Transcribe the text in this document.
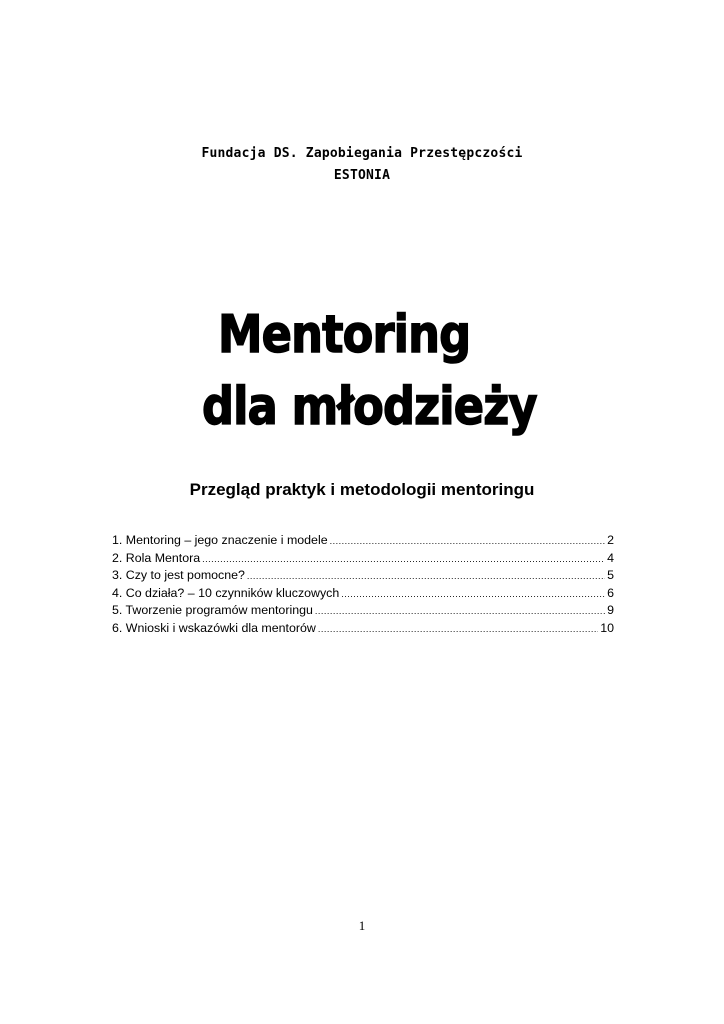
Fundacja DS. Zapobiegania Przestępczości
ESTONIA
Mentoring
dla młodzieży
Przegląd praktyk i metodologii mentoringu
1. Mentoring – jego znaczenie i modele .....	2
2. Rola Mentora .....	4
3. Czy to jest pomocne? .....	5
4. Co działa? – 10 czynników kluczowych .....	6
5. Tworzenie programów mentoringu .....	9
6. Wnioski i wskazówki dla mentorów .....	10
1
